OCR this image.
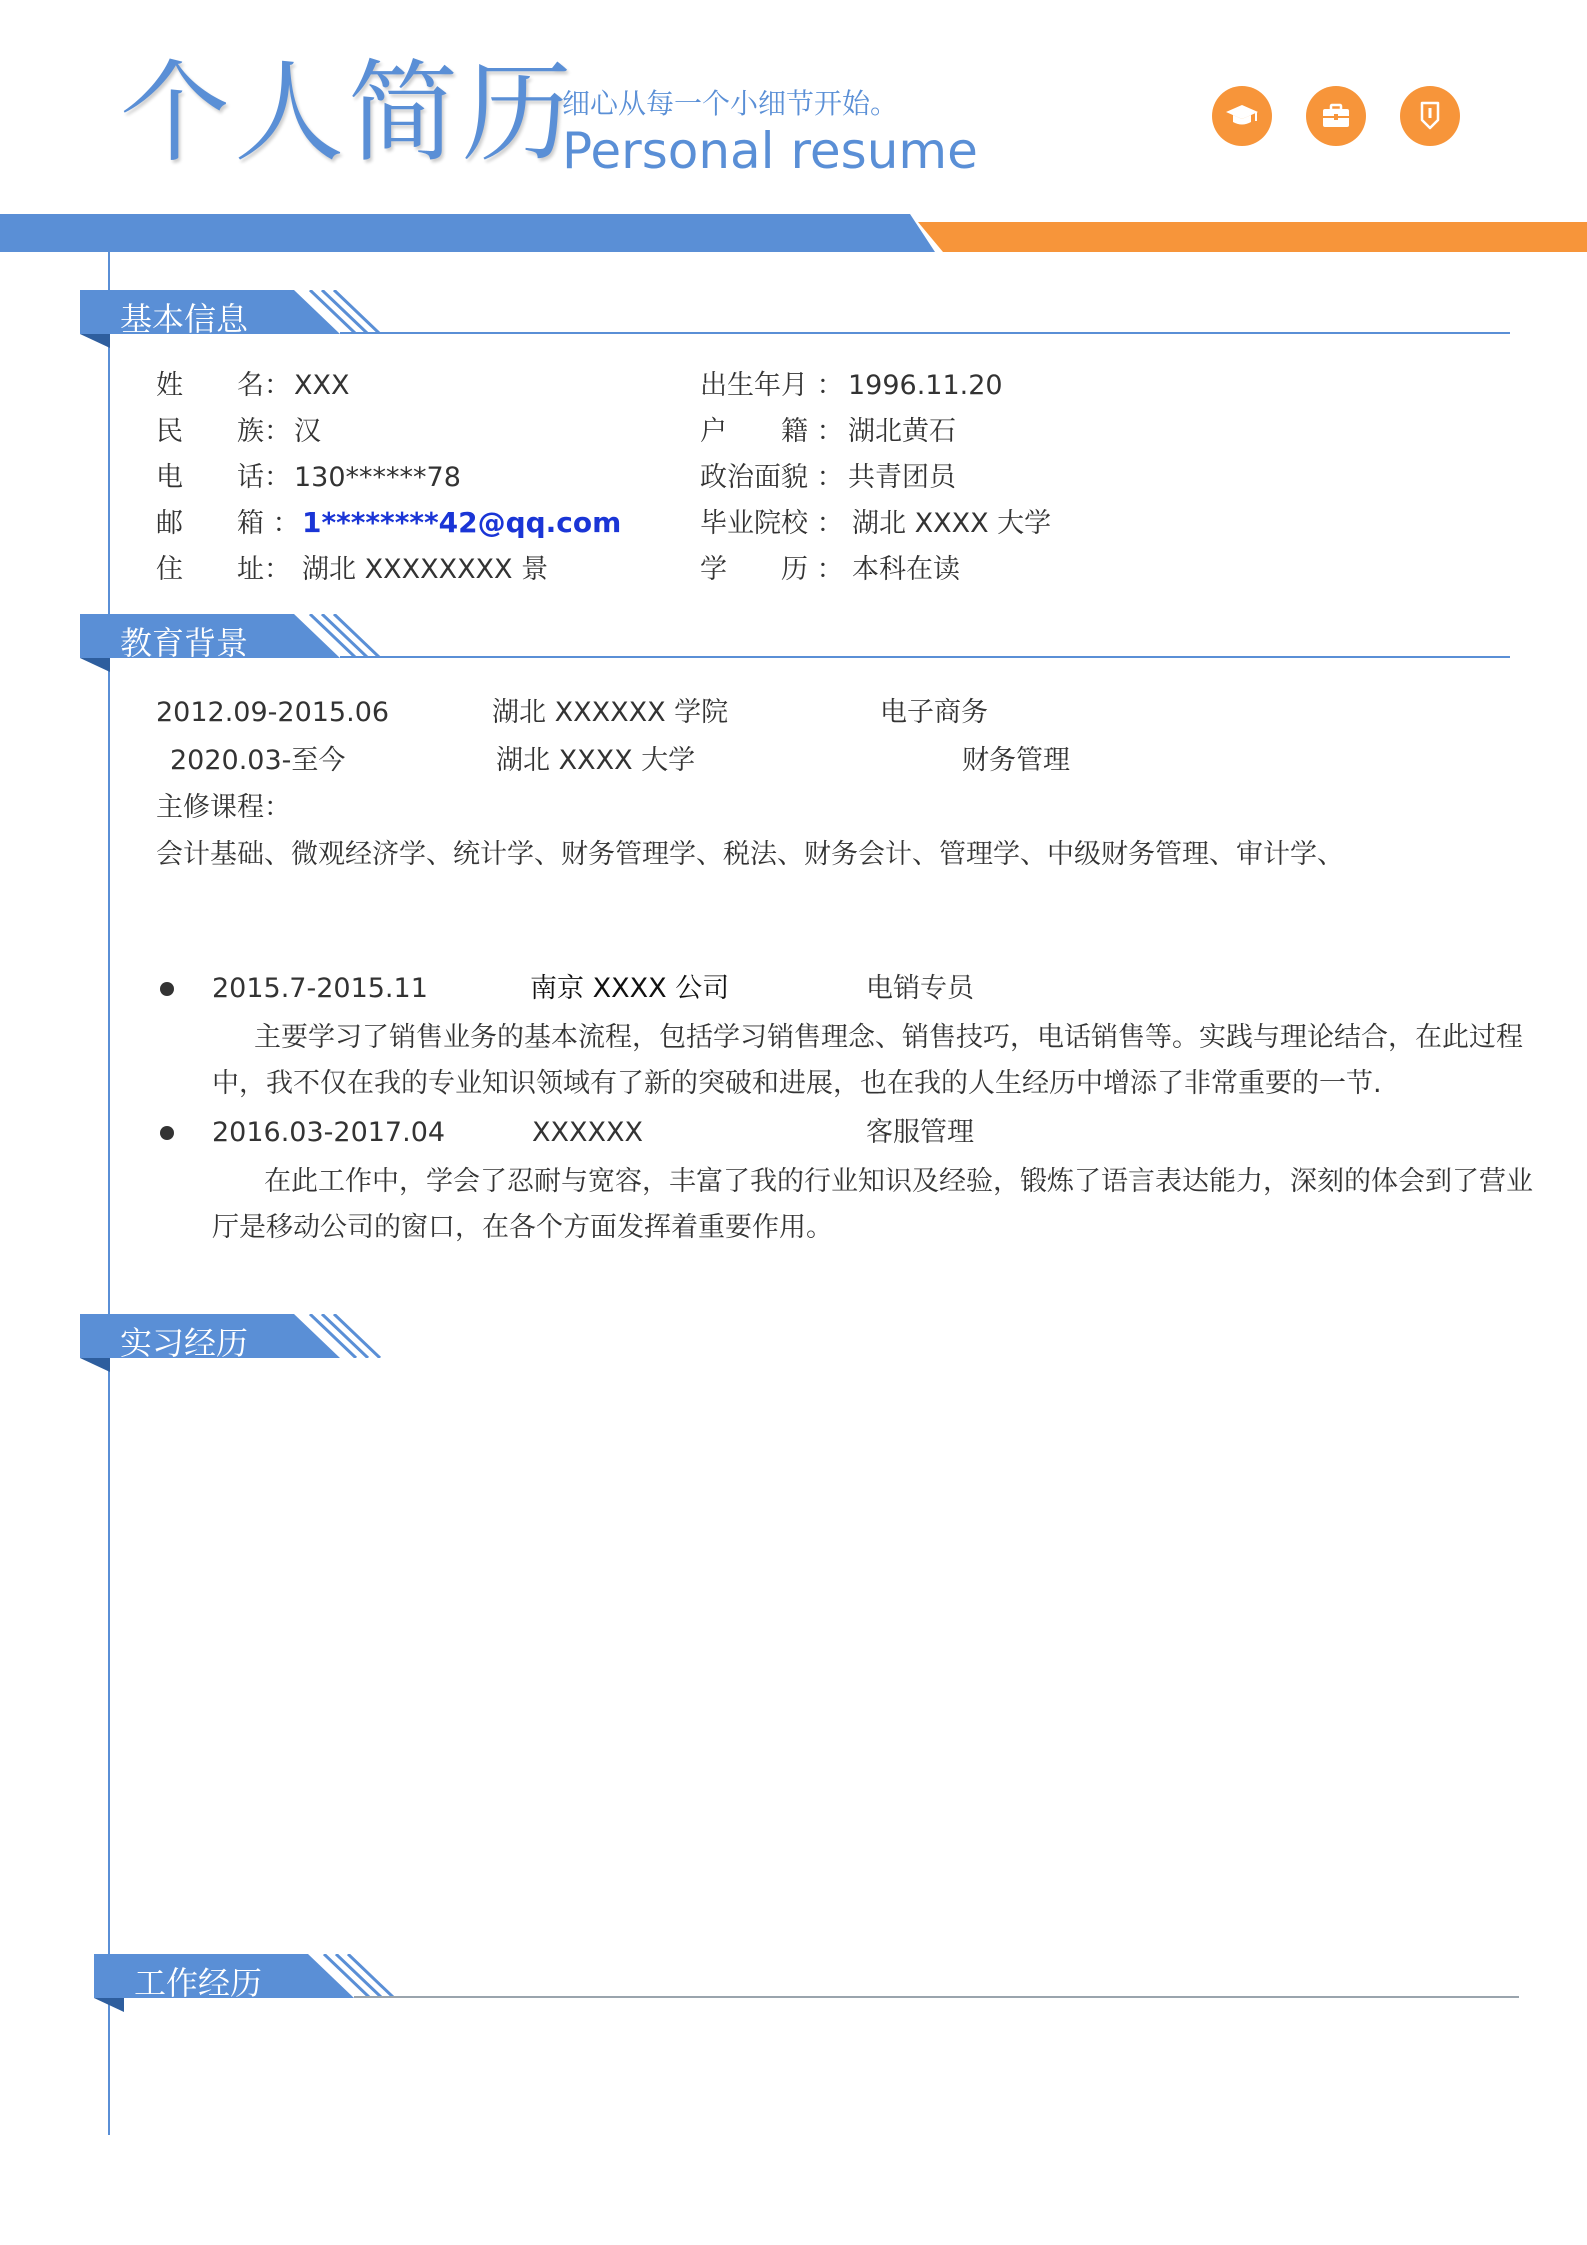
个人简历
细心从每一个小细节开始。
Personal resume
基本信息
姓　　名： XXX
民　　族： 汉
电　　话： 130******78
邮　　箱 ： 1********42@qq.com
住　　址： 湖北 XXXXXXXX 景
出生年月 ： 1996.11.20
户　　籍 ： 湖北黄石
政治面貌 ： 共青团员
毕业院校 ： 湖北 XXXX 大学
学　　历 ： 本科在读
教育背景
2012.09-2015.06	湖北 XXXXXX 学院	电子商务
2020.03-至今	湖北 XXXX 大学	财务管理
主修课程：
会计基础、微观经济学、统计学、财务管理学、税法、财务会计、管理学、中级财务管理、审计学、
2015.7-2015.11	南京 XXXX 公司	电销专员
主要学习了销售业务的基本流程，包括学习销售理念、销售技巧，电话销售等。实践与理论结合，在此过程中，我不仅在我的专业知识领域有了新的突破和进展，也在我的人生经历中增添了非常重要的一节.
2016.03-2017.04	XXXXXX	客服管理
在此工作中，学会了忍耐与宽容，丰富了我的行业知识及经验，锻炼了语言表达能力，深刻的体会到了营业厅是移动公司的窗口，在各个方面发挥着重要作用。
实习经历
工作经历
